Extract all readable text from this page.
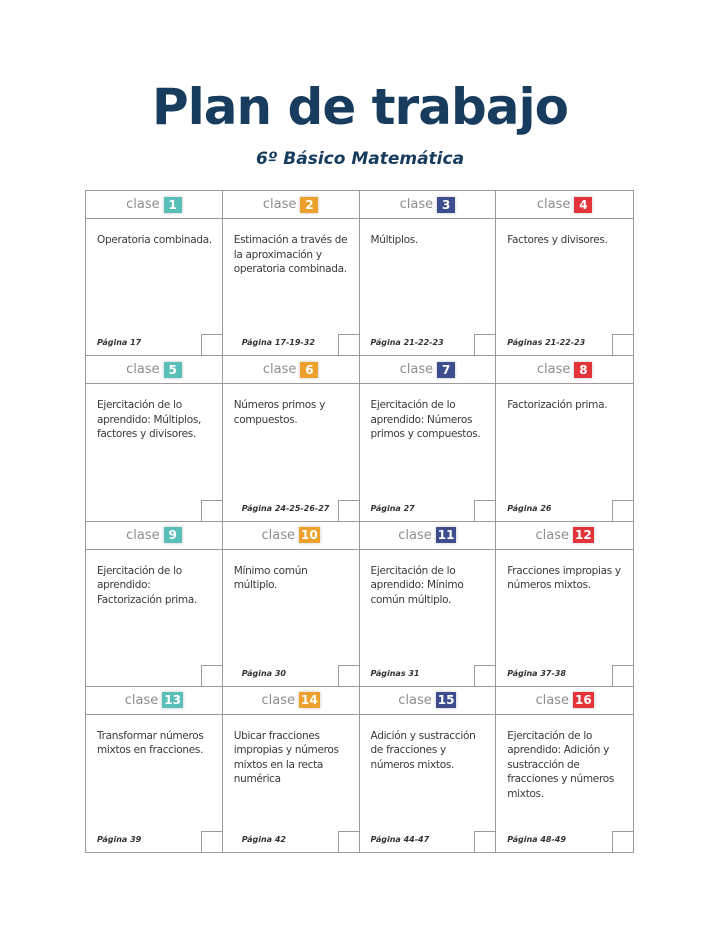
Plan de trabajo
6º Básico Matemática
clase 1
Operatoria combinada.
Página 17
clase 2
Estimación a través de la aproximación y operatoria combinada.
Página 17-19-32
clase 3
Múltiplos.
Página 21-22-23
clase 4
Factores y divisores.
Páginas 21-22-23
clase 5
Ejercitación de lo aprendido: Múltiplos, factores y divisores.
clase 6
Números primos y compuestos.
Página 24-25-26-27
clase 7
Ejercitación de lo aprendido: Números primos y compuestos.
Página 27
clase 8
Factorización prima.
Página 26
clase 9
Ejercitación de lo aprendido: Factorización prima.
clase 10
Mínimo común múltiplo.
Página 30
clase 11
Ejercitación de lo aprendido: Mínimo común múltiplo.
Páginas 31
clase 12
Fracciones impropias y números mixtos.
Página 37-38
clase 13
Transformar números mixtos en fracciones.
Página 39
clase 14
Ubicar fracciones impropias y números mixtos en la recta numérica
Página 42
clase 15
Adición y sustracción de fracciones y números mixtos.
Página 44-47
clase 16
Ejercitación de lo aprendido: Adición y sustracción de fracciones y números mixtos.
Página 48-49
